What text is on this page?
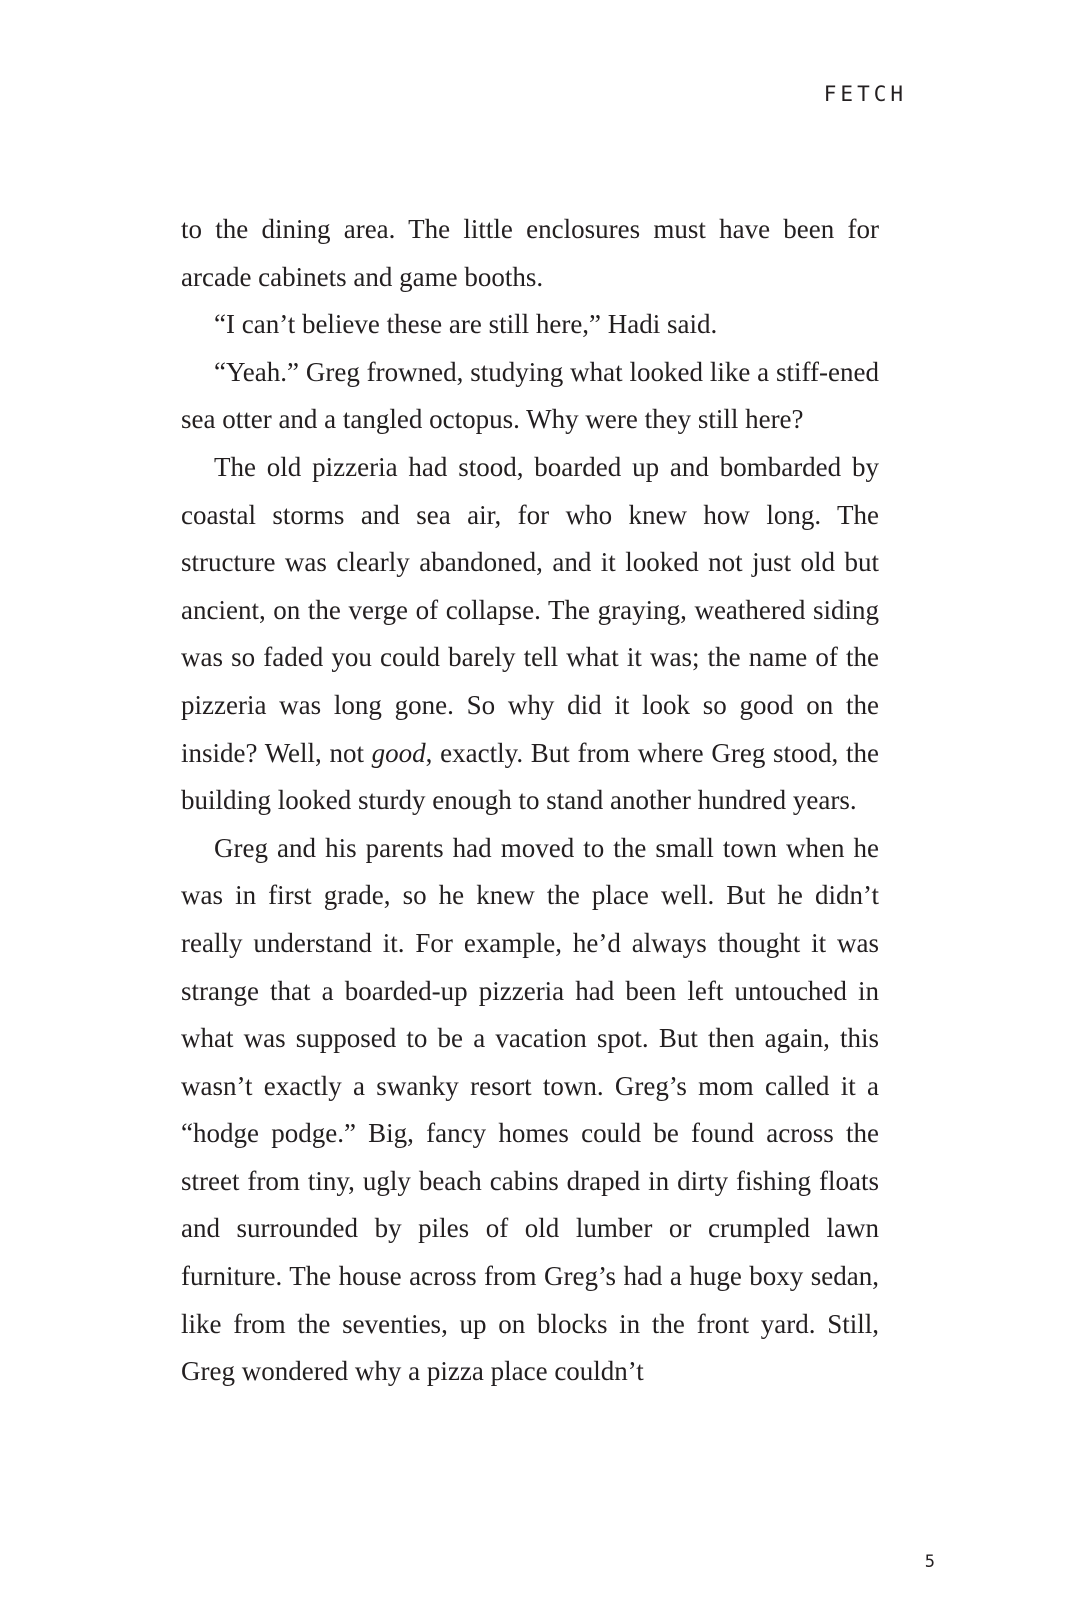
FETCH

to the dining area. The little enclosures must have been for arcade cabinets and game booths.

“I can’t believe these are still here,” Hadi said.

“Yeah.” Greg frowned, studying what looked like a stiff-ened sea otter and a tangled octopus. Why were they still here?

The old pizzeria had stood, boarded up and bombarded by coastal storms and sea air, for who knew how long. The structure was clearly abandoned, and it looked not just old but ancient, on the verge of collapse. The graying, weathered siding was so faded you could barely tell what it was; the name of the pizzeria was long gone. So why did it look so good on the inside? Well, not good, exactly. But from where Greg stood, the building looked sturdy enough to stand another hundred years.

Greg and his parents had moved to the small town when he was in first grade, so he knew the place well. But he didn’t really understand it. For example, he’d always thought it was strange that a boarded-up pizzeria had been left untouched in what was supposed to be a vacation spot. But then again, this wasn’t exactly a swanky resort town. Greg’s mom called it a “hodge podge.” Big, fancy homes could be found across the street from tiny, ugly beach cabins draped in dirty fishing floats and surrounded by piles of old lumber or crumpled lawn furniture. The house across from Greg’s had a huge boxy sedan, like from the seventies, up on blocks in the front yard. Still, Greg wondered why a pizza place couldn’t

5
